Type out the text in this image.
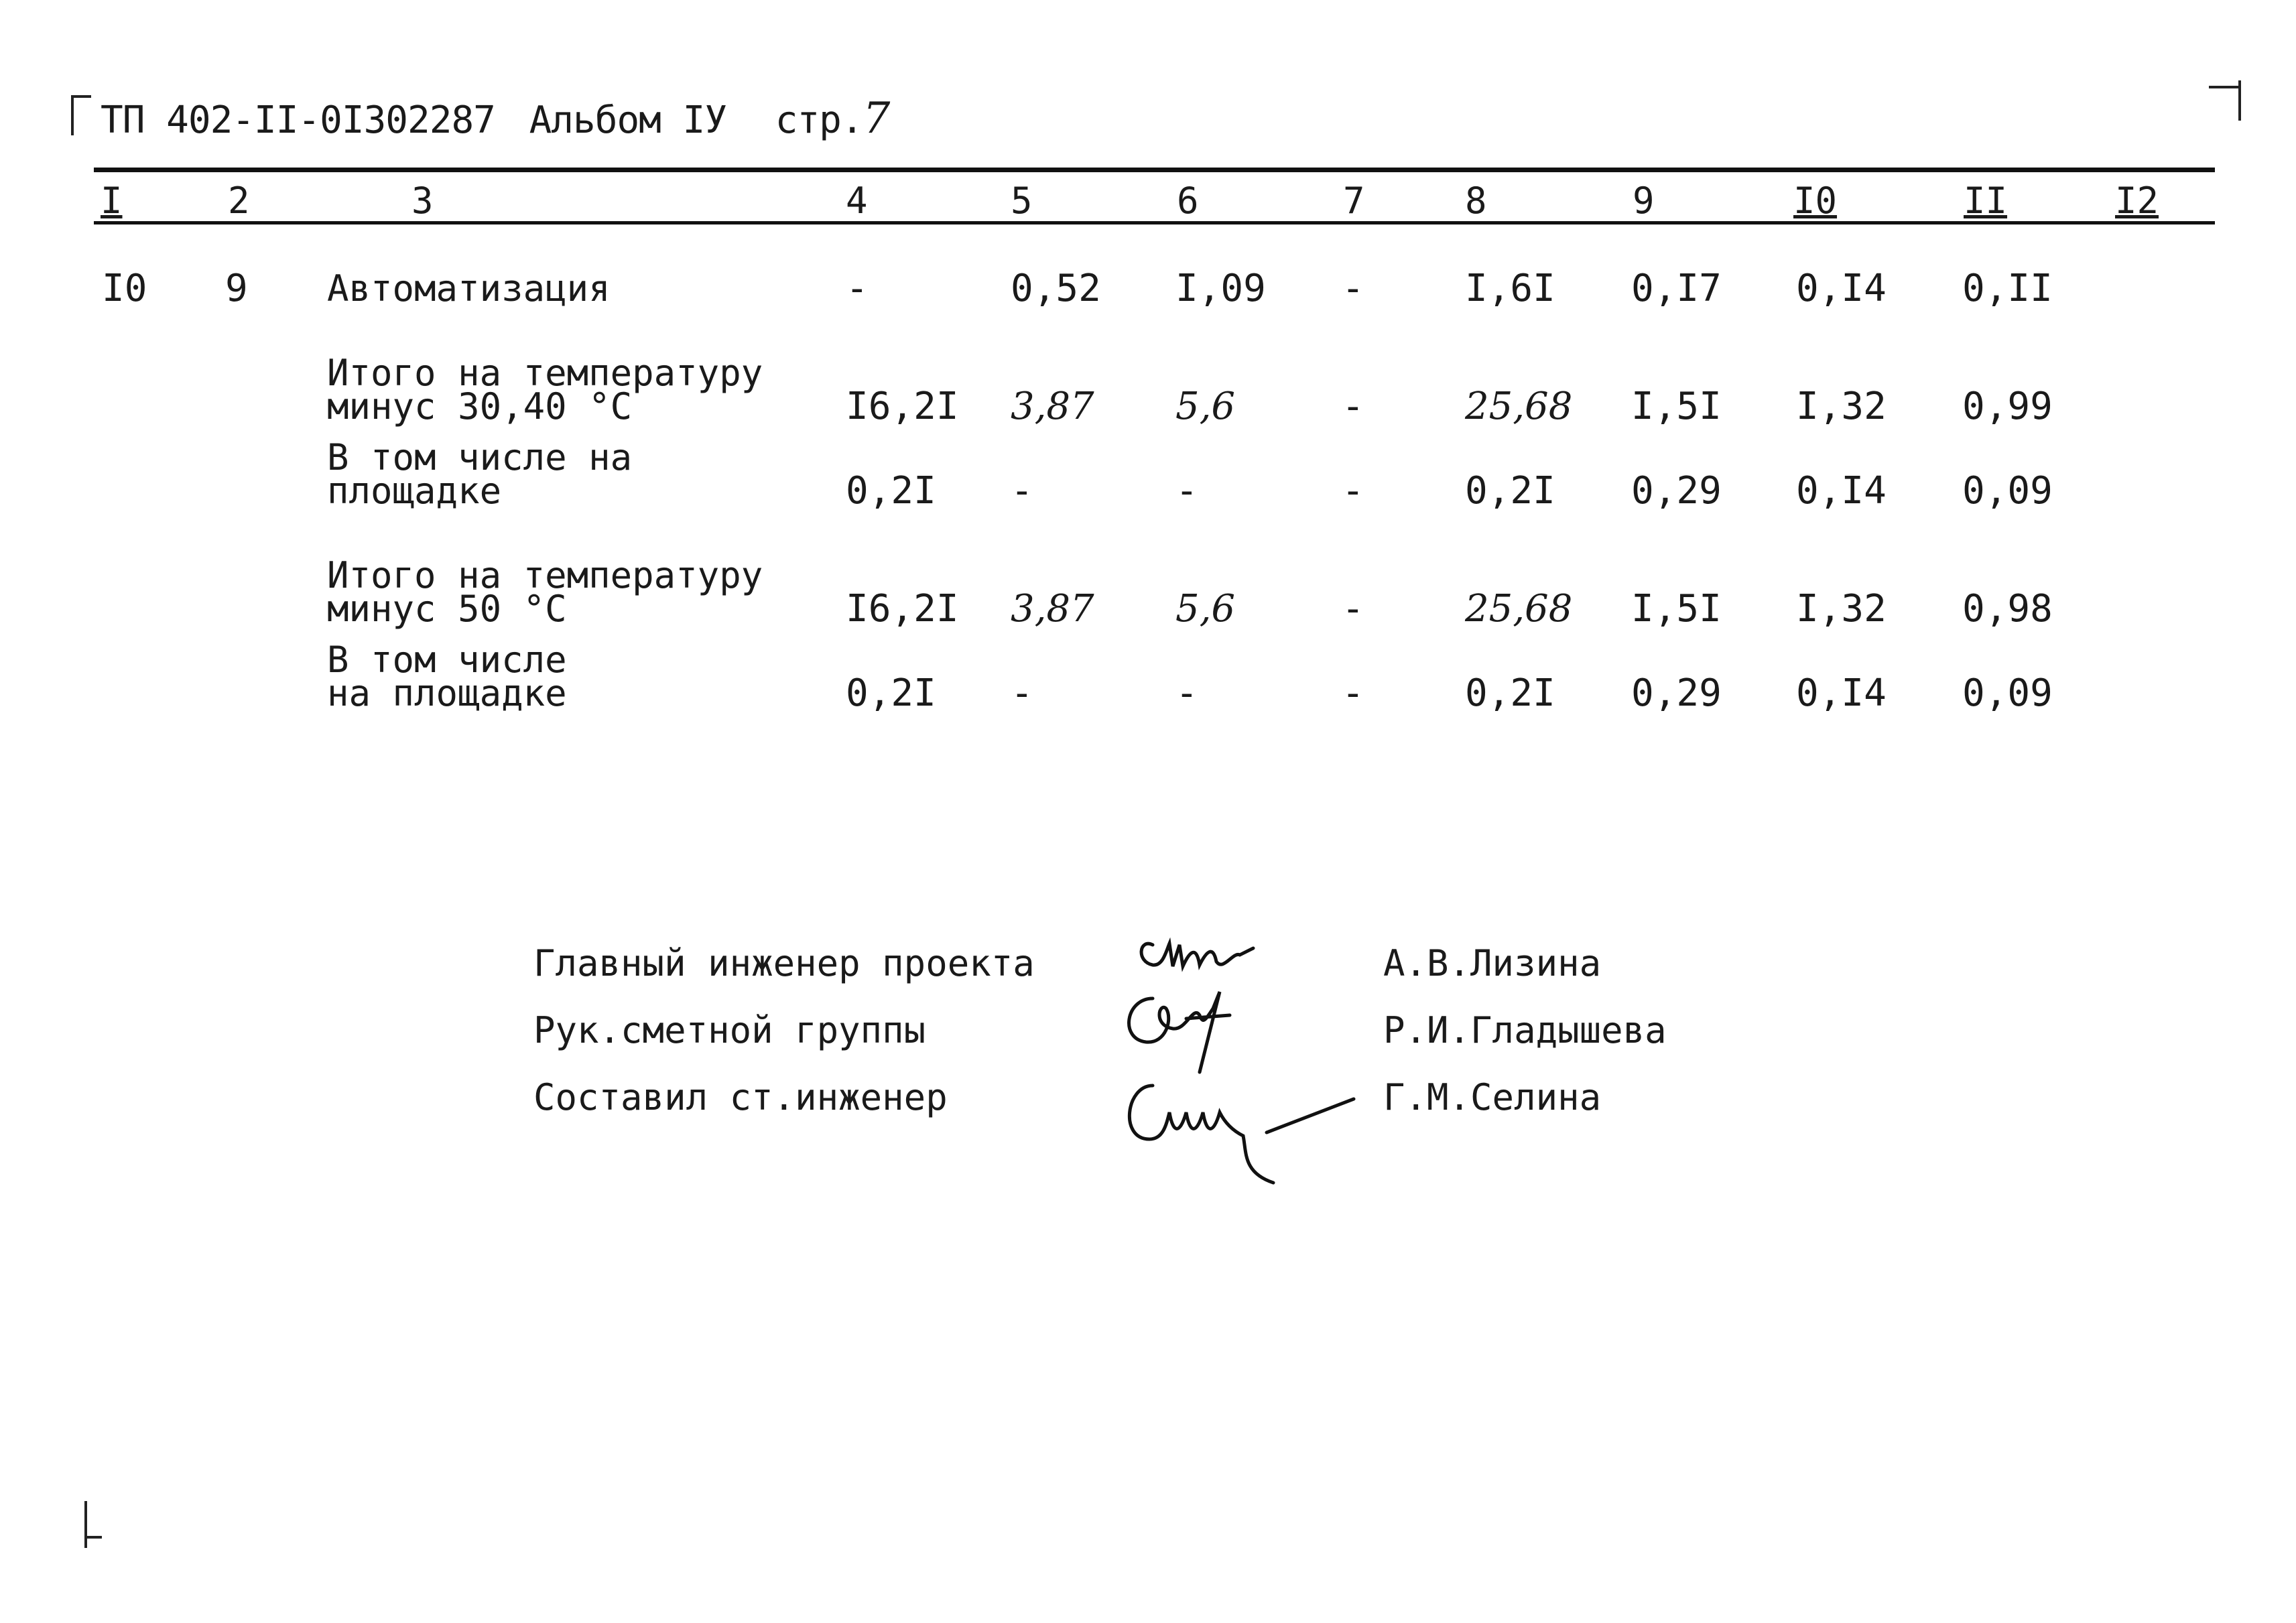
ТП 402-II-0I302287 Альбом IУ стр.7
I	2	3	4	5	6	7	8	9	I0	II	I2
I0 9 Автоматизация	-	0,52 I,09 -	I,6I 0,I7 0,I4 0,II
Итого на температуру
минус 30,40 °С	I6,2I 3,87 5,6	-	25,68 I,5I I,32 0,99
В том числе на
площадке	0,2I -	-	-	0,2I 0,29 0,I4 0,09
Итого на температуру
минус 50 °С	I6,2I 3,87 5,6	-	25,68 I,5I I,32 0,98
В том числе
на площадке	0,2I -	-	-	0,2I 0,29 0,I4 0,09
Главный инженер проекта	А.В.Лизина
Рук.сметной группы	Р.И.Гладышева
Составил ст.инженер	Г.М.Селина
